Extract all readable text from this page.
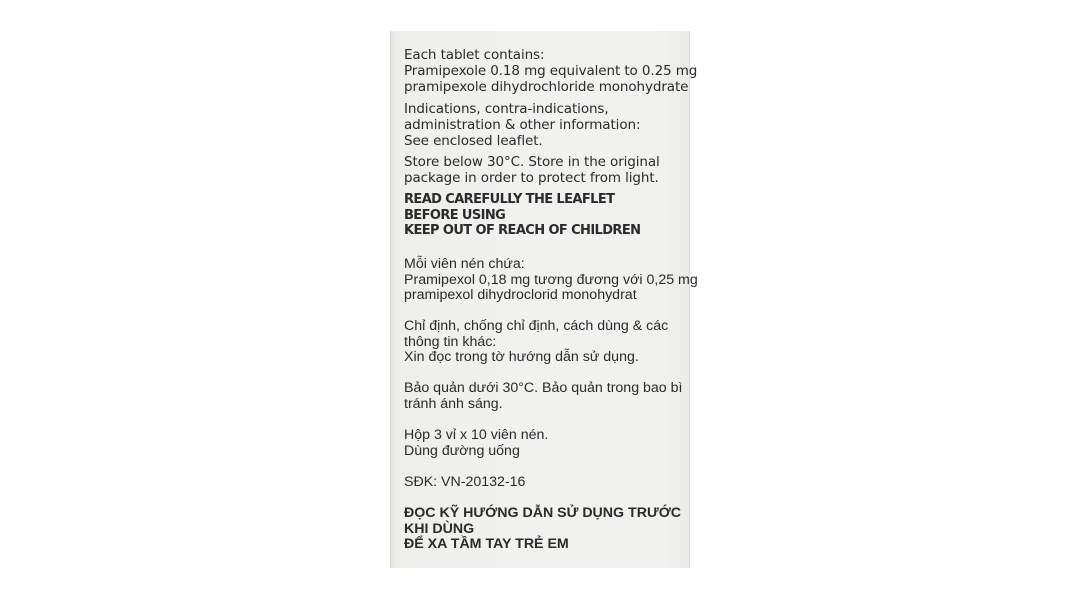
Each tablet contains:
Pramipexole 0.18 mg equivalent to 0.25 mg
pramipexole dihydrochloride monohydrate
Indications, contra-indications,
administration & other information:
See enclosed leaflet.
Store below 30°C. Store in the original
package in order to protect from light.
READ CAREFULLY THE LEAFLET
BEFORE USING
KEEP OUT OF REACH OF CHILDREN
Mỗi viên nén chứa:
Pramipexol 0,18 mg tương đương với 0,25 mg
pramipexol dihydroclorid monohydrat
Chỉ định, chống chỉ định, cách dùng & các
thông tin khác:
Xin đọc trong tờ hướng dẫn sử dụng.
Bảo quản dưới 30°C. Bảo quản trong bao bì
tránh ánh sáng.
Hộp 3 vỉ x 10 viên nén.
Dùng đường uống
SĐK: VN-20132-16
ĐỌC KỸ HƯỚNG DẪN SỬ DỤNG TRƯỚC
KHI DÙNG
ĐỂ XA TẦM TAY TRẺ EM
